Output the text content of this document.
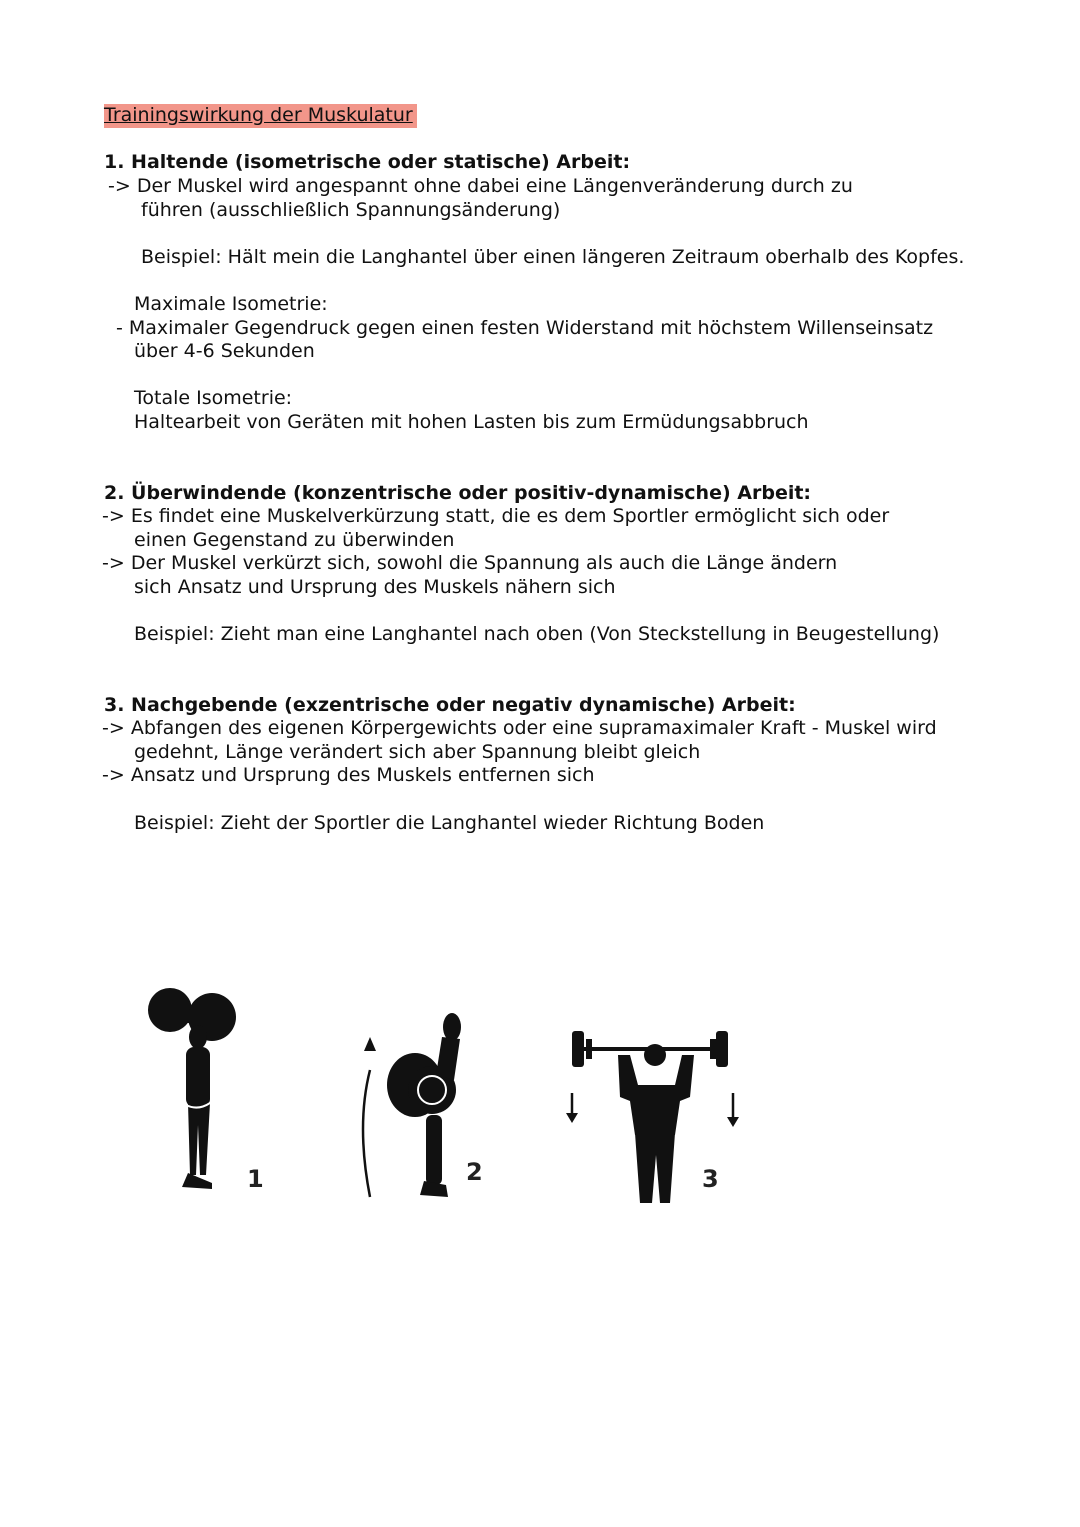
Trainingswirkung der Muskulatur

1. Haltende (isometrische oder statische) Arbeit:

-> Der Muskel wird angespannt ohne dabei eine Längenveränderung durch zu

führen (ausschließlich Spannungsänderung)

Beispiel: Hält mein die Langhantel über einen längeren Zeitraum oberhalb des Kopfes.

Maximale Isometrie:

- Maximaler Gegendruck gegen einen festen Widerstand mit höchstem Willenseinsatz

über 4-6 Sekunden

Totale Isometrie:

Haltearbeit von Geräten mit hohen Lasten bis zum Ermüdungsabbruch

2. Überwindende (konzentrische oder positiv-dynamische) Arbeit:

-> Es findet eine Muskelverkürzung statt, die es dem Sportler ermöglicht sich oder

einen Gegenstand zu überwinden

-> Der Muskel verkürzt sich, sowohl die Spannung als auch die Länge ändern

sich Ansatz und Ursprung des Muskels nähern sich

Beispiel: Zieht man eine Langhantel nach oben (Von Steckstellung in Beugestellung)

3. Nachgebende (exzentrische oder negativ dynamische) Arbeit:

-> Abfangen des eigenen Körpergewichts oder eine supramaximaler Kraft - Muskel wird

gedehnt, Länge verändert sich aber Spannung bleibt gleich

-> Ansatz und Ursprung des Muskels entfernen sich

Beispiel: Zieht der Sportler die Langhantel wieder Richtung Boden

1	2	3
